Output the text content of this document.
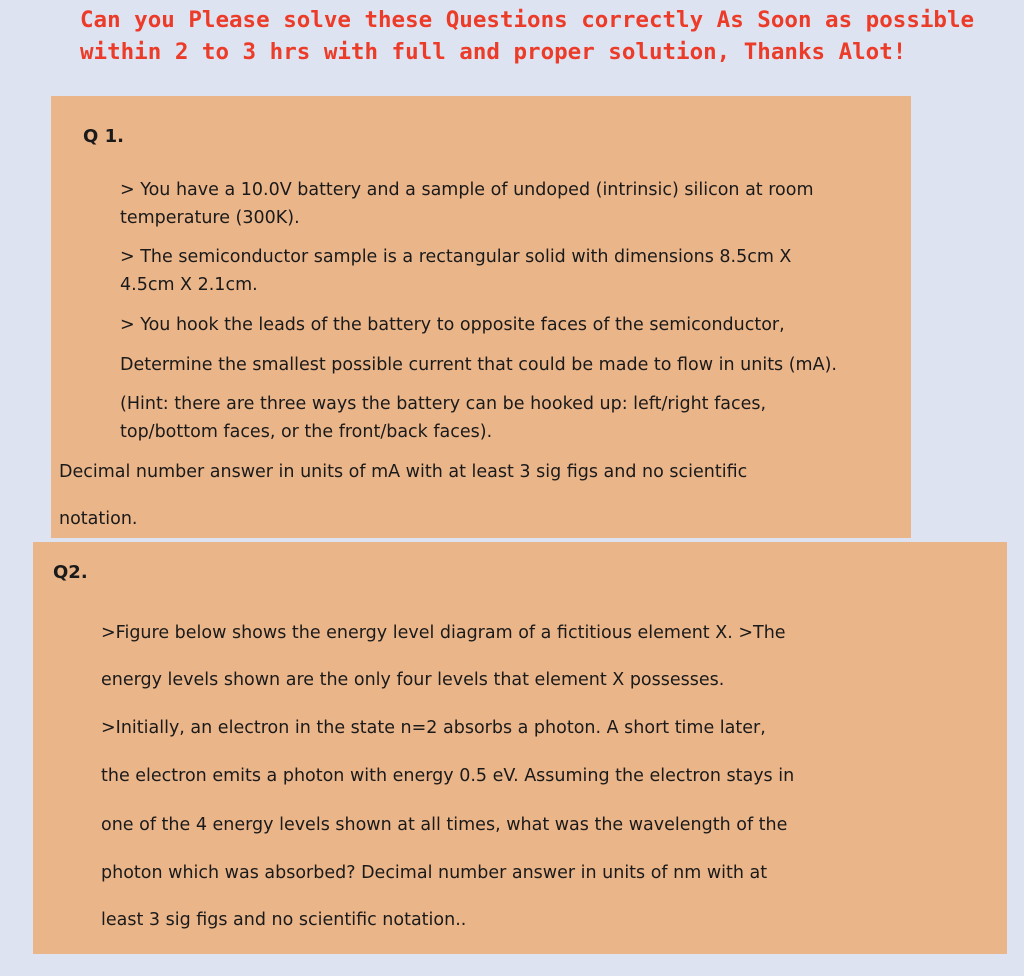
Can you Please solve these Questions correctly As Soon as possible
within 2 to 3 hrs with full and proper solution, Thanks Alot!
Q 1.
> You have a 10.0V battery and a sample of undoped (intrinsic) silicon at room
temperature (300K).
> The semiconductor sample is a rectangular solid with dimensions 8.5cm X
4.5cm X 2.1cm.
> You hook the leads of the battery to opposite faces of the semiconductor,
Determine the smallest possible current that could be made to flow in units (mA).
(Hint: there are three ways the battery can be hooked up: left/right faces,
top/bottom faces, or the front/back faces).
Decimal number answer in units of mA with at least 3 sig figs and no scientific
notation.
Q2.
>Figure below shows the energy level diagram of a fictitious element X. >The
energy levels shown are the only four levels that element X possesses.
>Initially, an electron in the state n=2 absorbs a photon. A short time later,
the electron emits a photon with energy 0.5 eV. Assuming the electron stays in
one of the 4 energy levels shown at all times, what was the wavelength of the
photon which was absorbed? Decimal number answer in units of nm with at
least 3 sig figs and no scientific notation..
